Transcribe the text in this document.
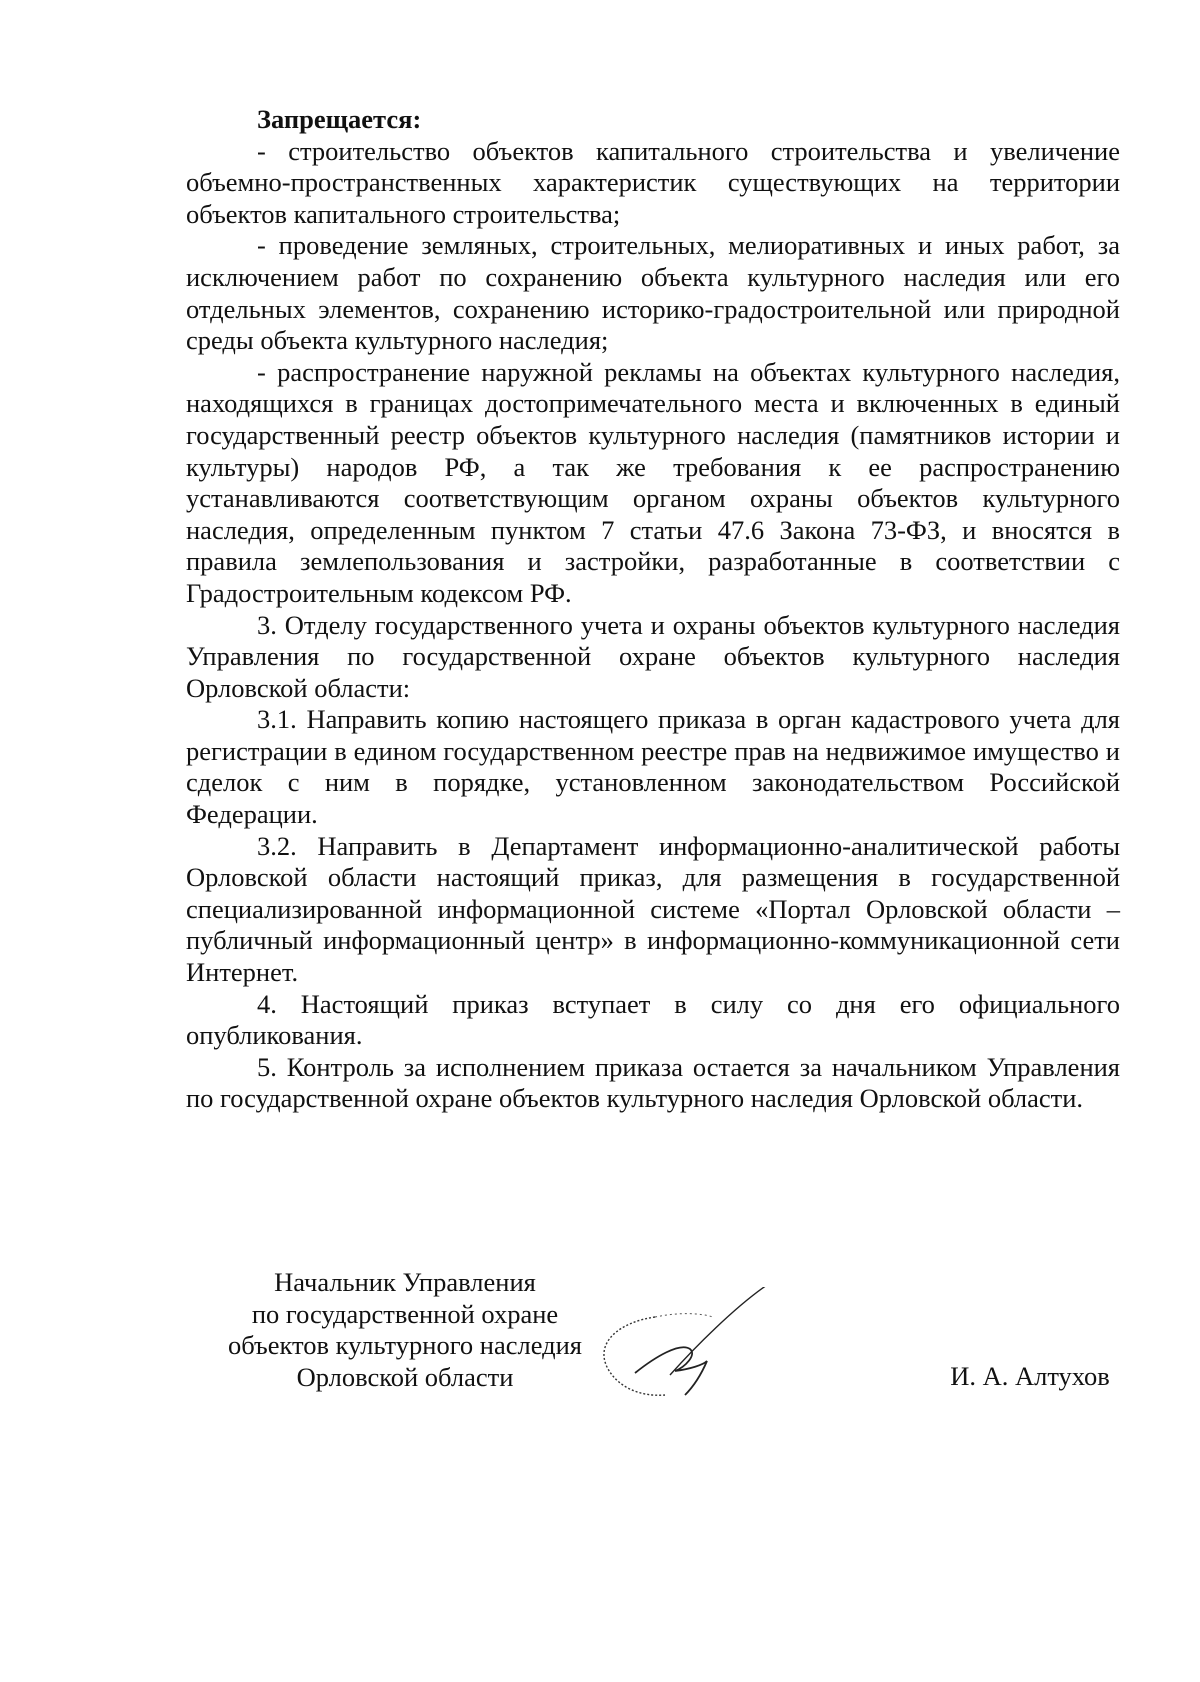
Запрещается:

- строительство объектов капитального строительства и увеличение объемно-пространственных характеристик существующих на территории объектов капитального строительства;

- проведение земляных, строительных, мелиоративных и иных работ, за исключением работ по сохранению объекта культурного наследия или его отдельных элементов, сохранению историко-градостроительной или природной среды объекта культурного наследия;

- распространение наружной рекламы на объектах культурного наследия, находящихся в границах достопримечательного места и включенных в единый государственный реестр объектов культурного наследия (памятников истории и культуры) народов РФ, а так же требования к ее распространению устанавливаются соответствующим органом охраны объектов культурного наследия, определенным пунктом 7 статьи 47.6 Закона 73-ФЗ, и вносятся в правила землепользования и застройки, разработанные в соответствии с Градостроительным кодексом РФ.

3. Отделу государственного учета и охраны объектов культурного наследия Управления по государственной охране объектов культурного наследия Орловской области:

3.1. Направить копию настоящего приказа в орган кадастрового учета для регистрации в едином государственном реестре прав на недвижимое имущество и сделок с ним в порядке, установленном законодательством Российской Федерации.

3.2. Направить в Департамент информационно-аналитической работы Орловской области настоящий приказ, для размещения в государственной специализированной информационной системе «Портал Орловской области – публичный информационный центр» в информационно-коммуникационной сети Интернет.

4. Настоящий приказ вступает в силу со дня его официального опубликования.

5. Контроль за исполнением приказа остается за начальником Управления по государственной охране объектов культурного наследия Орловской области.

Начальник Управления
по государственной охране
объектов культурного наследия
Орловской области	И. А. Алтухов
